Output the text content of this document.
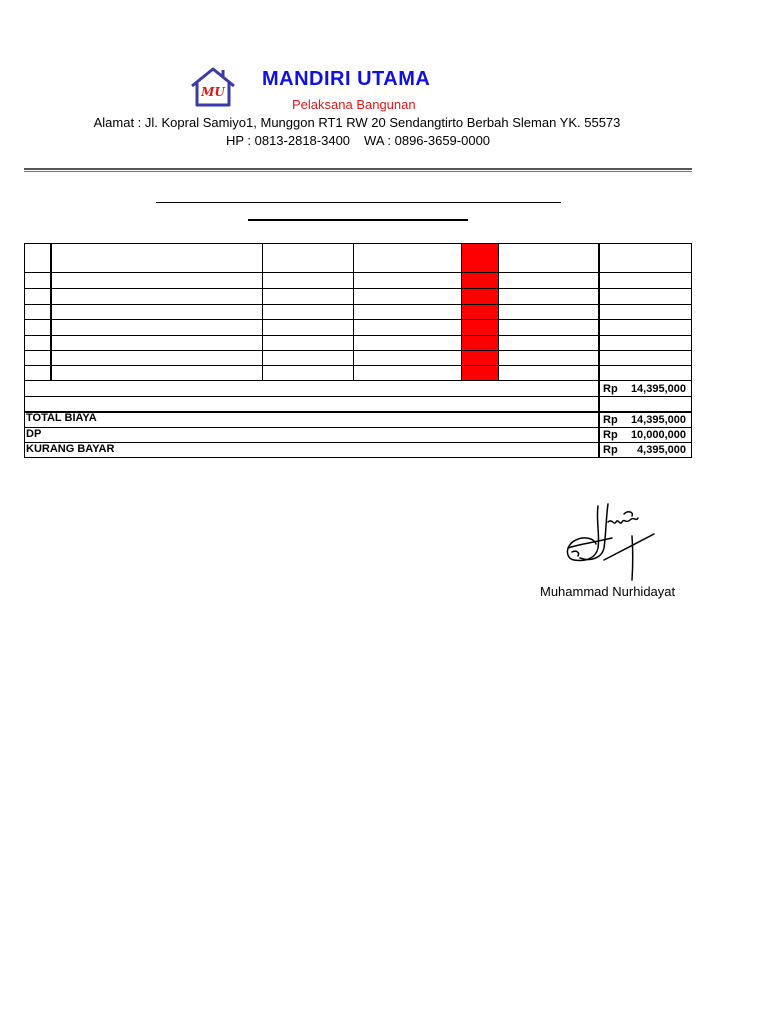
MU
MANDIRI UTAMA
Pelaksana Bangunan
Alamat : Jl. Kopral Samiyo1, Munggon RT1 RW 20 Sendangtirto Berbah Sleman YK. 55573
HP : 0813-2818-3400 WA : 0896-3659-0000
Rp 14,395,000
TOTAL BIAYA	Rp 14,395,000
DP	Rp 10,000,000
KURANG BAYAR	Rp 4,395,000
Muhammad Nurhidayat
